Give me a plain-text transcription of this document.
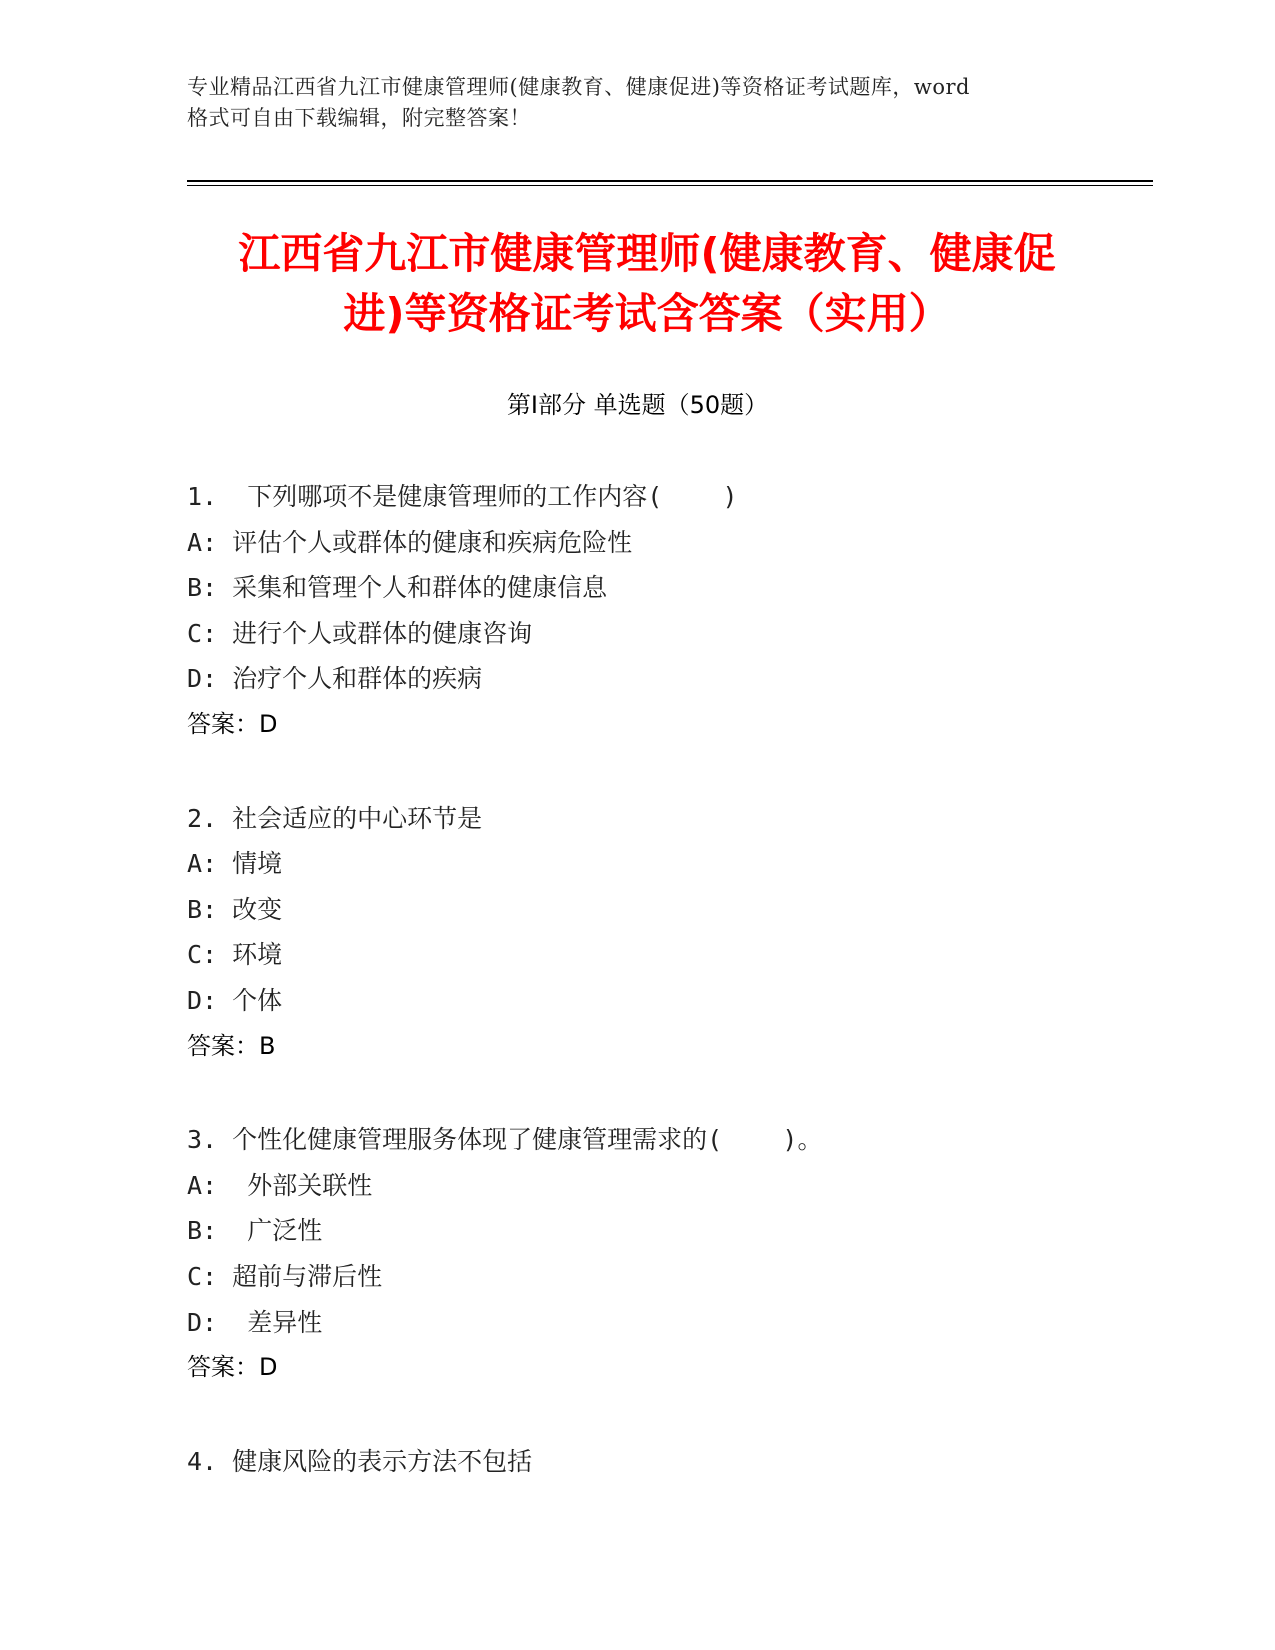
专业精品江西省九江市健康管理师(健康教育、健康促进)等资格证考试题库，word
格式可自由下载编辑，附完整答案！
江西省九江市健康管理师(健康教育、健康促
进)等资格证考试含答案（实用）
第Ⅰ部分 单选题（50题）
1.  下列哪项不是健康管理师的工作内容(    )
A: 评估个人或群体的健康和疾病危险性
B: 采集和管理个人和群体的健康信息
C: 进行个人或群体的健康咨询
D: 治疗个人和群体的疾病
答案：D
2. 社会适应的中心环节是
A: 情境
B: 改变
C: 环境
D: 个体
答案：B
3. 个性化健康管理服务体现了健康管理需求的(    )。
A:  外部关联性
B:  广泛性
C: 超前与滞后性
D:  差异性
答案：D
4. 健康风险的表示方法不包括
